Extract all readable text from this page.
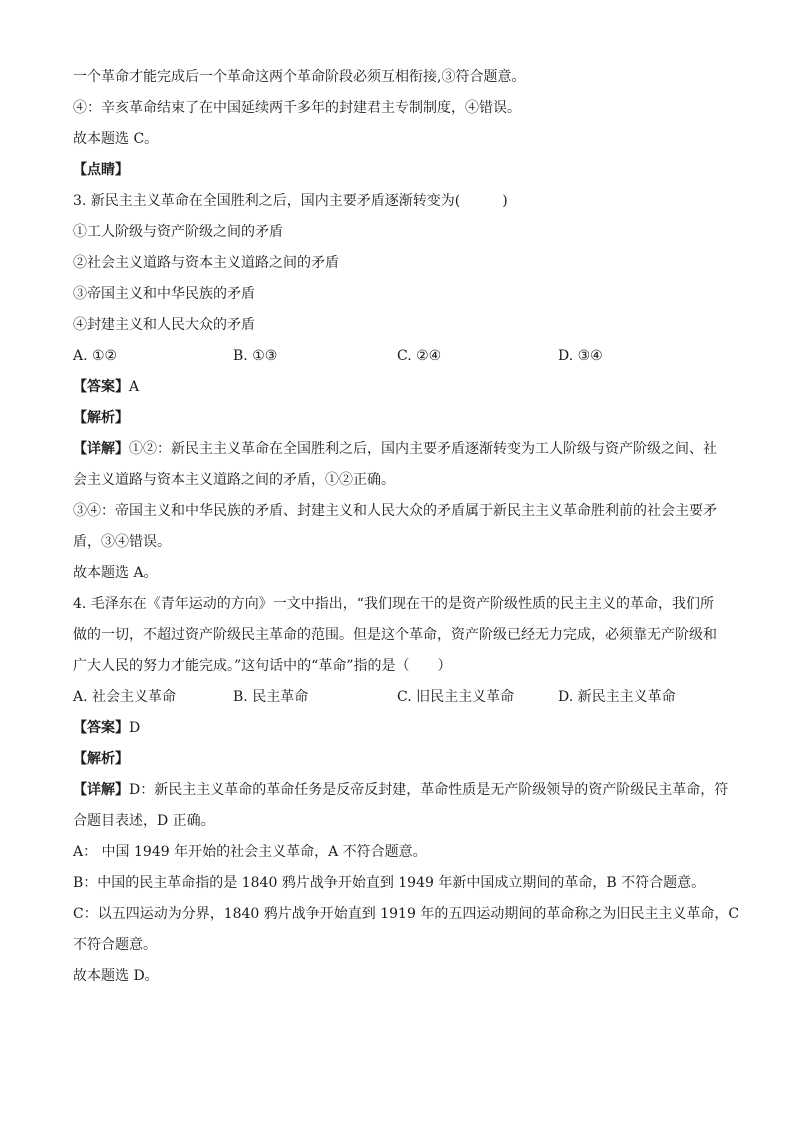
一个革命才能完成后一个革命这两个革命阶段必须互相衔接,③符合题意。
④：辛亥革命结束了在中国延续两千多年的封建君主专制制度，④错误。
故本题选 C。
【点睛】
3. 新民主主义革命在全国胜利之后，国内主要矛盾逐渐转变为(　　　)
①工人阶级与资产阶级之间的矛盾
②社会主义道路与资本主义道路之间的矛盾
③帝国主义和中华民族的矛盾
④封建主义和人民大众的矛盾
A. ①②	B. ①③	C. ②④	D. ③④
【答案】A
【解析】
【详解】①②：新民主主义革命在全国胜利之后，国内主要矛盾逐渐转变为工人阶级与资产阶级之间、社
会主义道路与资本主义道路之间的矛盾，①②正确。
③④：帝国主义和中华民族的矛盾、封建主义和人民大众的矛盾属于新民主主义革命胜利前的社会主要矛
盾，③④错误。
故本题选 A。
4. 毛泽东在《青年运动的方向》一文中指出，“我们现在干的是资产阶级性质的民主主义的革命，我们所
做的一切，不超过资产阶级民主革命的范围。但是这个革命，资产阶级已经无力完成，必须靠无产阶级和
广大人民的努力才能完成。”这句话中的“革命”指的是（　　）
A. 社会主义革命	B. 民主革命	C. 旧民主主义革命	D. 新民主主义革命
【答案】D
【解析】
【详解】D：新民主主义革命的革命任务是反帝反封建，革命性质是无产阶级领导的资产阶级民主革命，符
合题目表述，D 正确。
A： 中国 1949 年开始的社会主义革命，A 不符合题意。
B：中国的民主革命指的是 1840 鸦片战争开始直到 1949 年新中国成立期间的革命，B 不符合题意。
C：以五四运动为分界，1840 鸦片战争开始直到 1919 年的五四运动期间的革命称之为旧民主主义革命，C
不符合题意。
故本题选 D。
